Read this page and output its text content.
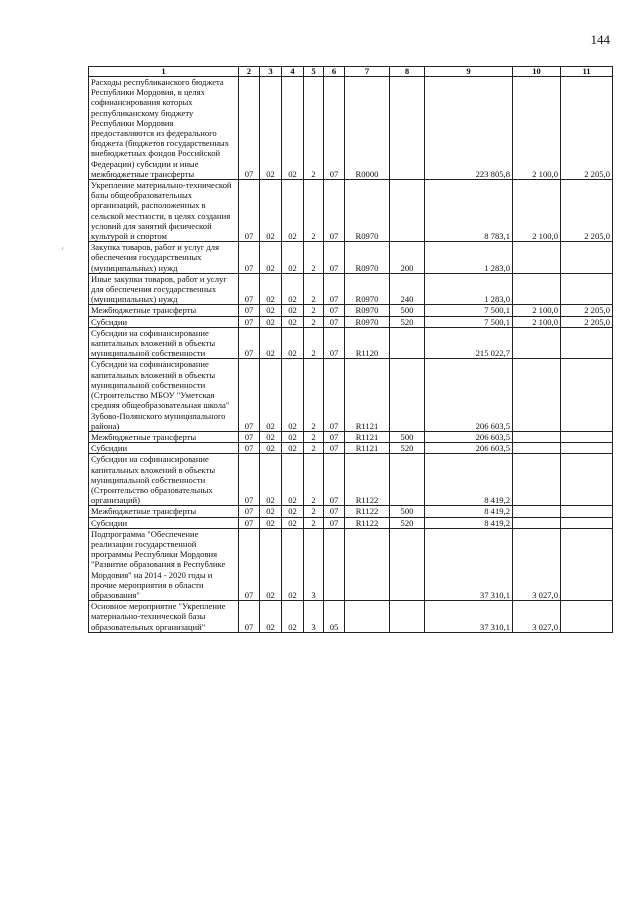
144
'
1	2	3	4	5	6	7	8	9	10	11
Расходы республиканского бюджета Республики Мордовия, в целях софинансирования которых республиканскому бюджету Республики Мордовия предоставляются из федерального бюджета (бюджетов государственных внебюджетных фондов Российской Федерации) субсидии и иные межбюджетные трансферты	07	02	02	2	07	R0000		223 805,8	2 100,0	2 205,0
Укрепление материально-технической базы общеобразовательных организаций, расположенных в сельской местности, в целях создания условий для занятий физической культурой и спортом	07	02	02	2	07	R0970		8 783,1	2 100,0	2 205,0
Закупка товаров, работ и услуг для обеспечения государственных (муниципальных) нужд	07	02	02	2	07	R0970	200	1 283,0		
Иные закупки товаров, работ и услуг для обеспечения государственных (муниципальных) нужд	07	02	02	2	07	R0970	240	1 283,0		
Межбюджетные трансферты	07	02	02	2	07	R0970	500	7 500,1	2 100,0	2 205,0
Субсидии	07	02	02	2	07	R0970	520	7 500,1	2 100,0	2 205,0
Субсидии на софинансирование капитальных вложений в объекты муниципальной собственности	07	02	02	2	07	R1120		215 022,7		
Субсидии на софинансирование капитальных вложений в объекты муниципальной собственности (Строительство МБОУ "Уметская средняя общеобразовательная школа" Зубово-Полянского муниципального района)	07	02	02	2	07	R1121		206 603,5		
Межбюджетные трансферты	07	02	02	2	07	R1121	500	206 603,5		
Субсидии	07	02	02	2	07	R1121	520	206 603,5		
Субсидии на софинансирование капитальных вложений в объекты муниципальной собственности (Строительство образовательных организаций)	07	02	02	2	07	R1122		8 419,2		
Межбюджетные трансферты	07	02	02	2	07	R1122	500	8 419,2		
Субсидии	07	02	02	2	07	R1122	520	8 419,2		
Подпрограмма "Обеспечение реализации государственной программы Республики Мордовия "Развитие образования в Республике Мордовия" на 2014 - 2020 годы и прочие мероприятия в области образования"	07	02	02	3				37 310,1	3 027,0	
Основное мероприятие "Укрепление материально-технической базы образовательных организаций"	07	02	02	3	05			37 310,1	3 027,0	
